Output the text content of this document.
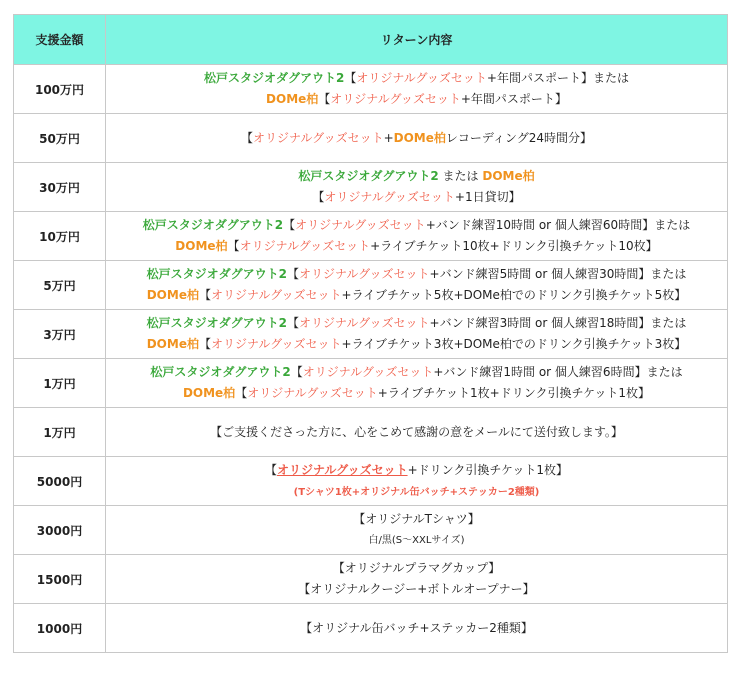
支援金額	リターン内容
100万円	松戸スタジオダグアウト2【オリジナルグッズセット+年間パスポート】または
DOMe柏【オリジナルグッズセット+年間パスポート】

50万円	【オリジナルグッズセット+DOMe柏レコーディング24時間分】

30万円	松戸スタジオダグアウト2 または DOMe柏
【オリジナルグッズセット+1日貸切】

10万円	松戸スタジオダグアウト2【オリジナルグッズセット+バンド練習10時間 or 個人練習60時間】または
DOMe柏【オリジナルグッズセット+ライブチケット10枚+ドリンク引換チケット10枚】

5万円	松戸スタジオダグアウト2【オリジナルグッズセット+バンド練習5時間 or 個人練習30時間】または
DOMe柏【オリジナルグッズセット+ライブチケット5枚+DOMe柏でのドリンク引換チケット5枚】

3万円	松戸スタジオダグアウト2【オリジナルグッズセット+バンド練習3時間 or 個人練習18時間】または
DOMe柏【オリジナルグッズセット+ライブチケット3枚+DOMe柏でのドリンク引換チケット3枚】

1万円	松戸スタジオダグアウト2【オリジナルグッズセット+バンド練習1時間 or 個人練習6時間】または
DOMe柏【オリジナルグッズセット+ライブチケット1枚+ドリンク引換チケット1枚】

1万円	【ご支援くださった方に、心をこめて感謝の意をメールにて送付致します。】

5000円	【オリジナルグッズセット+ドリンク引換チケット1枚】
(Tシャツ1枚+オリジナル缶バッチ+ステッカー2種類)

3000円	【オリジナルTシャツ】
白/黒(S〜XXLサイズ)

1500円	【オリジナルプラマグカップ】
【オリジナルクージー+ボトルオープナー】

1000円	【オリジナル缶バッチ+ステッカー2種類】
